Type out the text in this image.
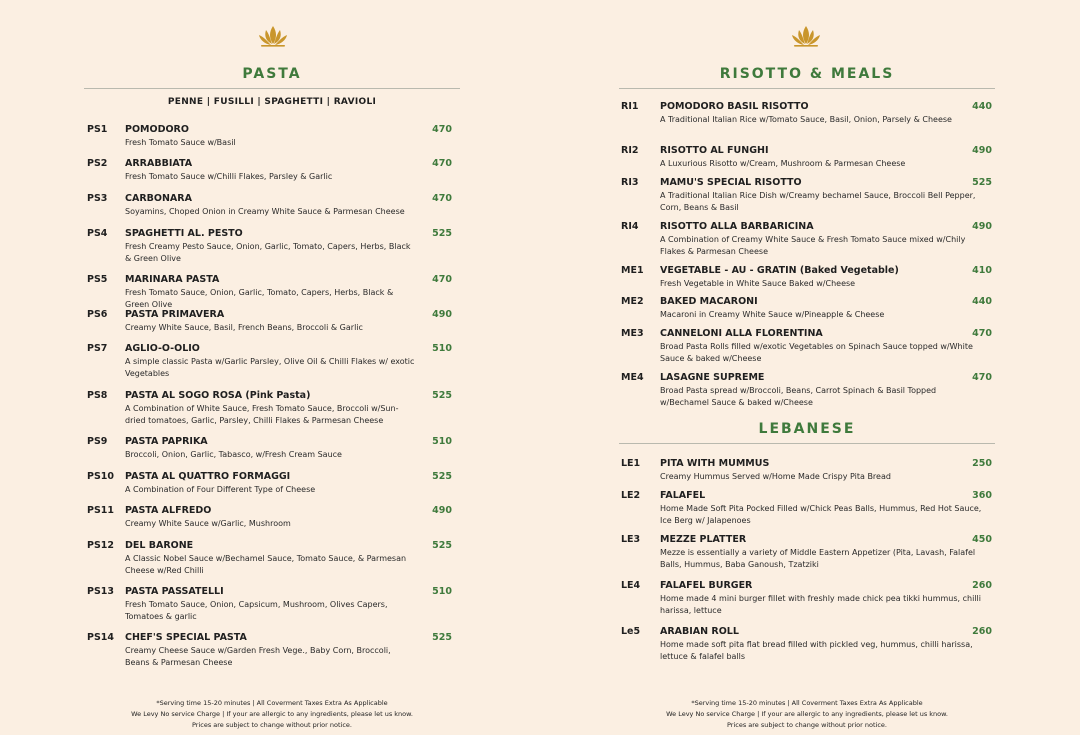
PASTA
PENNE | FUSILLI | SPAGHETTI | RAVIOLI
PS1 POMODORO	470
Fresh Tomato Sauce w/Basil
PS2 ARRABBIATA	470
Fresh Tomato Sauce w/Chilli Flakes, Parsley & Garlic
PS3 CARBONARA	470
Soyamins, Choped Onion in Creamy White Sauce & Parmesan Cheese
PS4 SPAGHETTI AL. PESTO	525
Fresh Creamy Pesto Sauce, Onion, Garlic, Tomato, Capers, Herbs, Black & Green Olive
PS5 MARINARA PASTA	470
Fresh Tomato Sauce, Onion, Garlic, Tomato, Capers, Herbs, Black & Green Olive
PS6 PASTA PRIMAVERA	490
Creamy White Sauce, Basil, French Beans, Broccoli & Garlic
PS7 AGLIO-O-OLIO	510
A simple classic Pasta w/Garlic Parsley, Olive Oil & Chilli Flakes w/ exotic Vegetables
PS8 PASTA AL SOGO ROSA (Pink Pasta)	525
A Combination of White Sauce, Fresh Tomato Sauce, Broccoli w/Sun-dried tomatoes, Garlic, Parsley, Chilli Flakes & Parmesan Cheese
PS9 PASTA PAPRIKA	510
Broccoli, Onion, Garlic, Tabasco, w/Fresh Cream Sauce
PS10 PASTA AL QUATTRO FORMAGGI	525
A Combination of Four Different Type of Cheese
PS11 PASTA ALFREDO	490
Creamy White Sauce w/Garlic, Mushroom
PS12 DEL BARONE	525
A Classic Nobel Sauce w/Bechamel Sauce, Tomato Sauce, & Parmesan Cheese w/Red Chilli
PS13 PASTA PASSATELLI	510
Fresh Tomato Sauce, Onion, Capsicum, Mushroom, Olives Capers, Tomatoes & garlic
PS14 CHEF'S SPECIAL PASTA	525
Creamy Cheese Sauce w/Garden Fresh Vege., Baby Corn, Broccoli, Beans & Parmesan Cheese
*Serving time 15-20 minutes | All Coverment Taxes Extra As Applicable
We Levy No service Charge | If your are allergic to any ingredients, please let us know.
Prices are subject to change without prior notice.
RISOTTO & MEALS
RI1 POMODORO BASIL RISOTTO	440
A Traditional Italian Rice w/Tomato Sauce, Basil, Onion, Parsely & Cheese
RI2 RISOTTO AL FUNGHI	490
A Luxurious Risotto w/Cream, Mushroom & Parmesan Cheese
RI3 MAMU'S SPECIAL RISOTTO	525
A Traditional Italian Rice Dish w/Creamy bechamel Sauce, Broccoli Bell Pepper, Corn, Beans & Basil
RI4 RISOTTO ALLA BARBARICINA	490
A Combination of Creamy White Sauce & Fresh Tomato Sauce mixed w/Chily Flakes & Parmesan Cheese
ME1 VEGETABLE - AU - GRATIN (Baked Vegetable)	410
Fresh Vegetable in White Sauce Baked w/Cheese
ME2 BAKED MACARONI	440
Macaroni in Creamy White Sauce w/Pineapple & Cheese
ME3 CANNELONI ALLA FLORENTINA	470
Broad Pasta Rolls filled w/exotic Vegetables on Spinach Sauce topped w/White Sauce & baked w/Cheese
ME4 LASAGNE SUPREME	470
Broad Pasta spread w/Broccoli, Beans, Carrot Spinach & Basil Topped w/Bechamel Sauce & baked w/Cheese
LEBANESE
LE1 PITA WITH MUMMUS	250
Creamy Hummus Served w/Home Made Crispy Pita Bread
LE2 FALAFEL	360
Home Made Soft Pita Pocked Filled w/Chick Peas Balls, Hummus, Red Hot Sauce, Ice Berg w/ Jalapenoes
LE3 MEZZE PLATTER	450
Mezze is essentially a variety of Middle Eastern Appetizer (Pita, Lavash, Falafel Balls, Hummus, Baba Ganoush, Tzatziki
LE4 FALAFEL BURGER	260
Home made 4 mini burger fillet with freshly made chick pea tikki hummus, chilli harissa, lettuce
Le5 ARABIAN ROLL	260
Home made soft pita flat bread filled with pickled veg, hummus, chilli harissa, lettuce & falafel balls
*Serving time 15-20 minutes | All Coverment Taxes Extra As Applicable
We Levy No service Charge | If your are allergic to any ingredients, please let us know.
Prices are subject to change without prior notice.
